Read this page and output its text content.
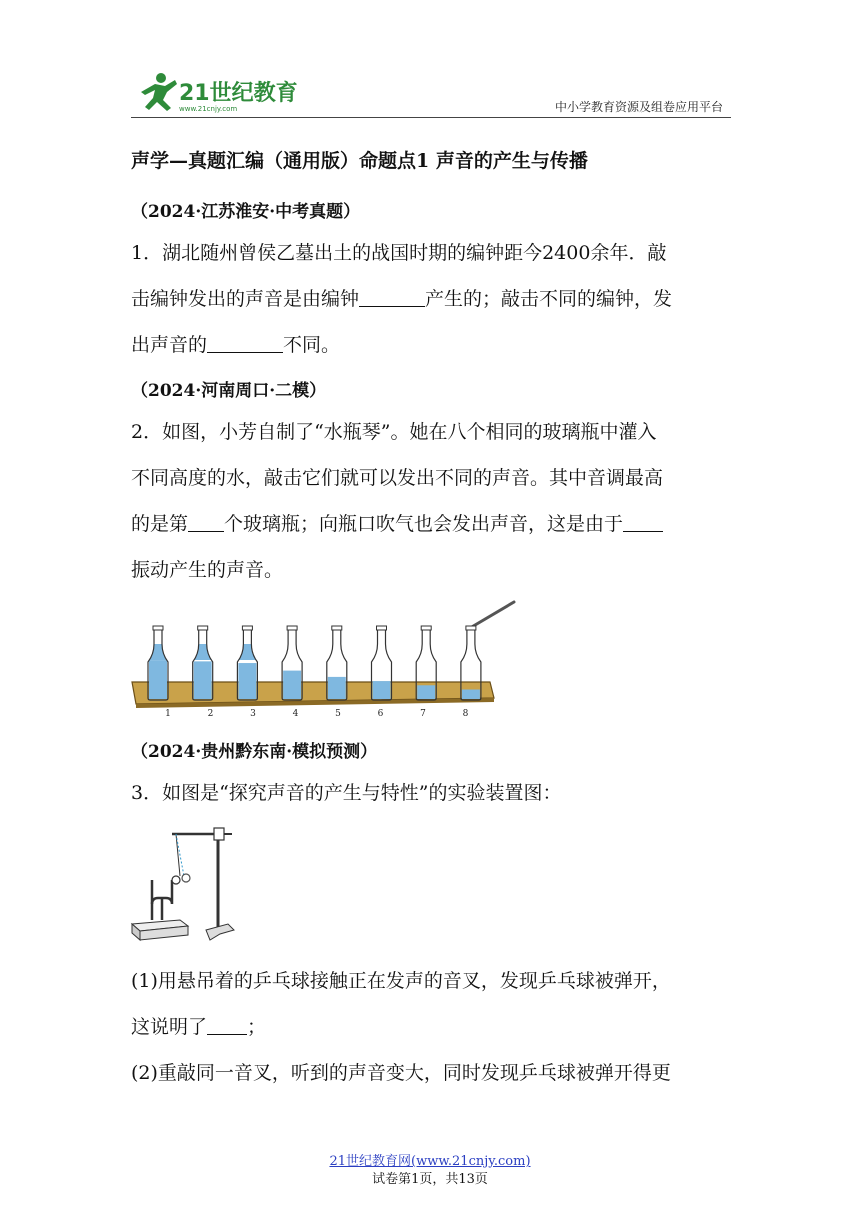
21世纪教育
www.21cnjy.com	中小学教育资源及组卷应用平台
声学—真题汇编（通用版）命题点1 声音的产生与传播
（2024·江苏淮安·中考真题）
1．湖北随州曾侯乙墓出土的战国时期的编钟距今2400余年．敲
击编钟发出的声音是由编钟	产生的；敲击不同的编钟，发
出声音的	不同。
（2024·河南周口·二模）
2．如图，小芳自制了“水瓶琴”。她在八个相同的玻璃瓶中灌入
不同高度的水，敲击它们就可以发出不同的声音。其中音调最高
的是第 个玻璃瓶；向瓶口吹气也会发出声音，这是由于
振动产生的声音。
1	2	3	4	5	6	7	8
（2024·贵州黔东南·模拟预测）
3．如图是“探究声音的产生与特性”的实验装置图：
(1)用悬吊着的乒乓球接触正在发声的音叉，发现乒乓球被弹开，
这说明了 ；
(2)重敲同一音叉，听到的声音变大，同时发现乒乓球被弹开得更
21世纪教育网(www.21cnjy.com)
试卷第1页，共13页
